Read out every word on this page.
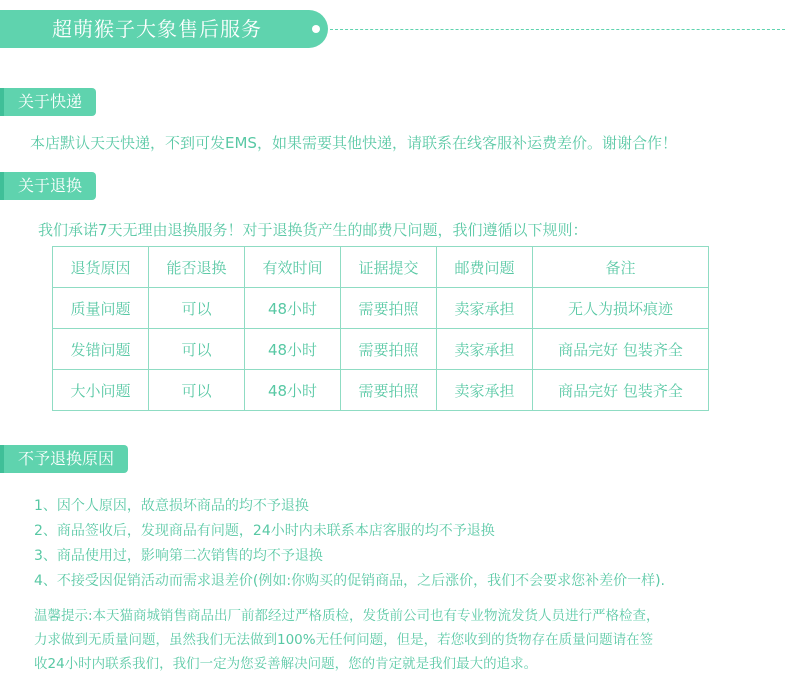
超萌猴子大象售后服务
关于快递
本店默认天天快递，不到可发EMS，如果需要其他快递，请联系在线客服补运费差价。谢谢合作！
关于退换
我们承诺7天无理由退换服务！对于退换货产生的邮费尺问题，我们遵循以下规则：
退货原因	能否退换	有效时间	证据提交	邮费问题	备注
质量问题	可以	48小时	需要拍照	卖家承担	无人为损坏痕迹
发错问题	可以	48小时	需要拍照	卖家承担	商品完好 包装齐全
大小问题	可以	48小时	需要拍照	卖家承担	商品完好 包装齐全
不予退换原因
1、因个人原因，故意损坏商品的均不予退换
2、商品签收后，发现商品有问题，24小时内未联系本店客服的均不予退换
3、商品使用过，影响第二次销售的均不予退换
4、不接受因促销活动而需求退差价(例如:你购买的促销商品，之后涨价，我们不会要求您补差价一样).
温馨提示:本天猫商城销售商品出厂前都经过严格质检，发货前公司也有专业物流发货人员进行严格检查，
力求做到无质量问题，虽然我们无法做到100%无任何问题，但是，若您收到的货物存在质量问题请在签
收24小时内联系我们，我们一定为您妥善解决问题，您的肯定就是我们最大的追求。
